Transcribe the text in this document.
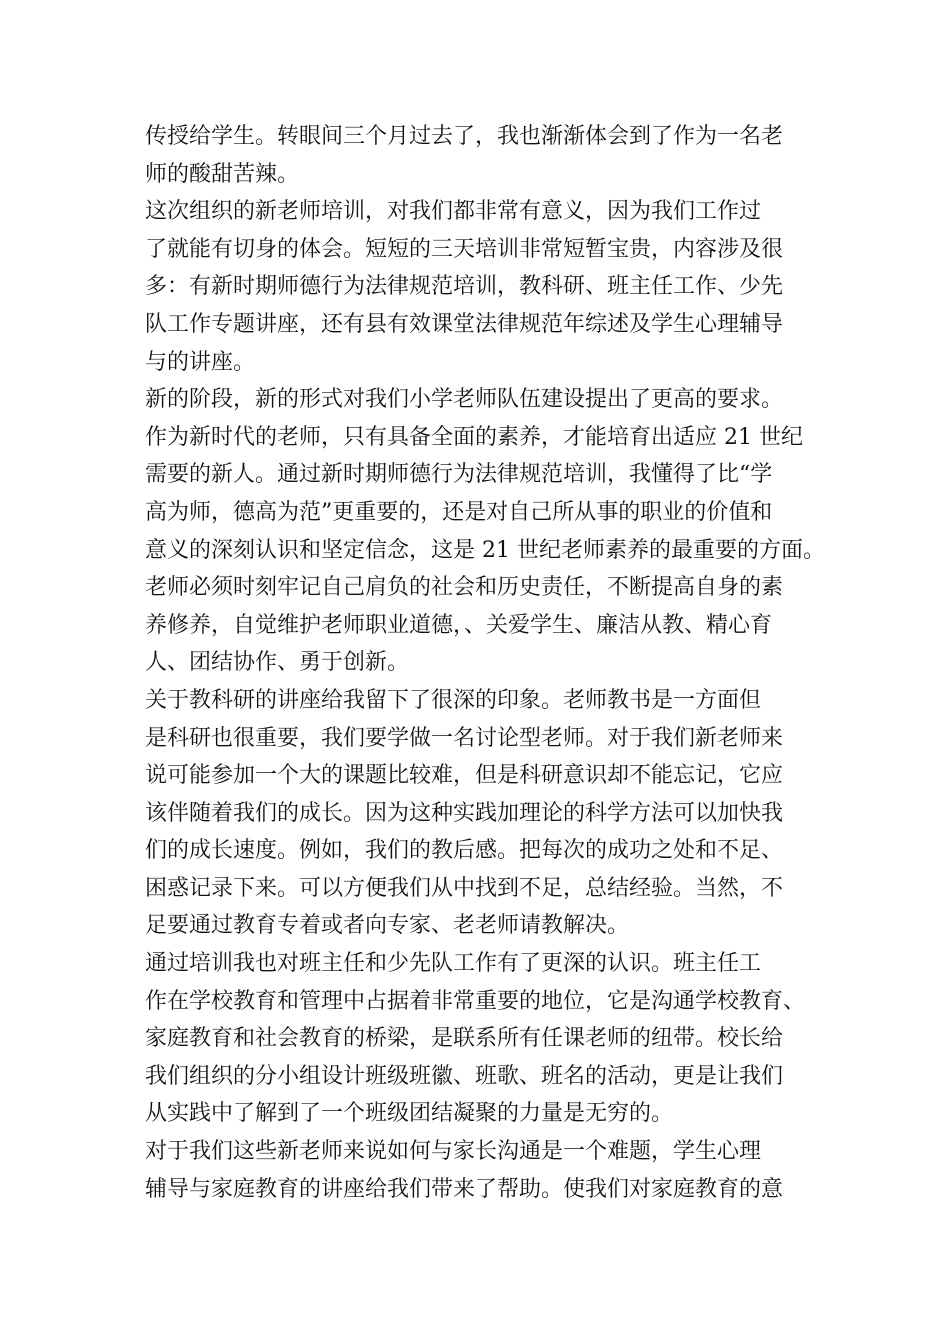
传授给学生。转眼间三个月过去了，我也渐渐体会到了作为一名老
师的酸甜苦辣。
这次组织的新老师培训，对我们都非常有意义，因为我们工作过
了就能有切身的体会。短短的三天培训非常短暂宝贵，内容涉及很
多：有新时期师德行为法律规范培训，教科研、班主任工作、少先
队工作专题讲座，还有县有效课堂法律规范年综述及学生心理辅导
与的讲座。
新的阶段，新的形式对我们小学老师队伍建设提出了更高的要求。
作为新时代的老师，只有具备全面的素养，才能培育出适应 21 世纪
需要的新人。通过新时期师德行为法律规范培训，我懂得了比“学
高为师，德高为范”更重要的，还是对自己所从事的职业的价值和
意义的深刻认识和坚定信念，这是 21 世纪老师素养的最重要的方面。
老师必须时刻牢记自己肩负的社会和历史责任，不断提高自身的素
养修养，自觉维护老师职业道德，、关爱学生、廉洁从教、精心育
人、团结协作、勇于创新。
关于教科研的讲座给我留下了很深的印象。老师教书是一方面但
是科研也很重要，我们要学做一名讨论型老师。对于我们新老师来
说可能参加一个大的课题比较难，但是科研意识却不能忘记，它应
该伴随着我们的成长。因为这种实践加理论的科学方法可以加快我
们的成长速度。例如，我们的教后感。把每次的成功之处和不足、
困惑记录下来。可以方便我们从中找到不足，总结经验。当然，不
足要通过教育专着或者向专家、老老师请教解决。
通过培训我也对班主任和少先队工作有了更深的认识。班主任工
作在学校教育和管理中占据着非常重要的地位，它是沟通学校教育、
家庭教育和社会教育的桥梁，是联系所有任课老师的纽带。校长给
我们组织的分小组设计班级班徽、班歌、班名的活动，更是让我们
从实践中了解到了一个班级团结凝聚的力量是无穷的。
对于我们这些新老师来说如何与家长沟通是一个难题，学生心理
辅导与家庭教育的讲座给我们带来了帮助。使我们对家庭教育的意
